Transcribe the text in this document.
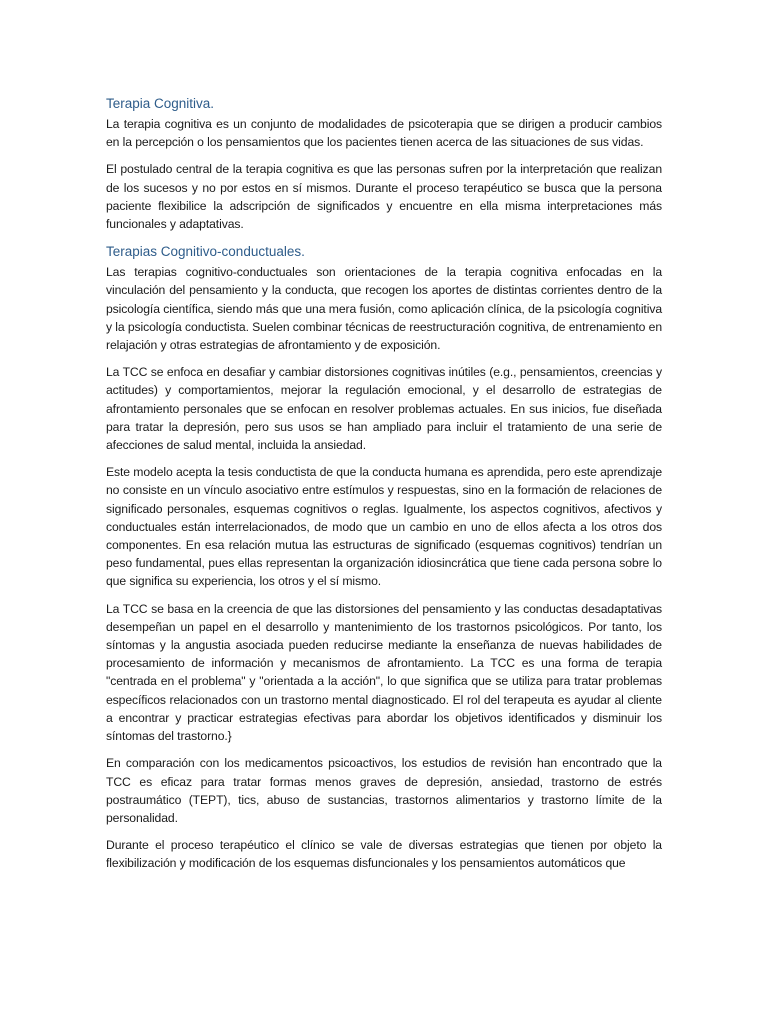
Terapia Cognitiva.

La terapia cognitiva es un conjunto de modalidades de psicoterapia que se dirigen a producir cambios en la percepción o los pensamientos que los pacientes tienen acerca de las situaciones de sus vidas.

El postulado central de la terapia cognitiva es que las personas sufren por la interpretación que realizan de los sucesos y no por estos en sí mismos. Durante el proceso terapéutico se busca que la persona paciente flexibilice la adscripción de significados y encuentre en ella misma interpretaciones más funcionales y adaptativas.

Terapias Cognitivo-conductuales.

Las terapias cognitivo-conductuales son orientaciones de la terapia cognitiva enfocadas en la vinculación del pensamiento y la conducta, que recogen los aportes de distintas corrientes dentro de la psicología científica, siendo más que una mera fusión, como aplicación clínica, de la psicología cognitiva y la psicología conductista. Suelen combinar técnicas de reestructuración cognitiva, de entrenamiento en relajación y otras estrategias de afrontamiento y de exposición.

La TCC se enfoca en desafiar y cambiar distorsiones cognitivas inútiles (e.g., pensamientos, creencias y actitudes) y comportamientos, mejorar la regulación emocional, y el desarrollo de estrategias de afrontamiento personales que se enfocan en resolver problemas actuales. En sus inicios, fue diseñada para tratar la depresión, pero sus usos se han ampliado para incluir el tratamiento de una serie de afecciones de salud mental, incluida la ansiedad.

Este modelo acepta la tesis conductista de que la conducta humana es aprendida, pero este aprendizaje no consiste en un vínculo asociativo entre estímulos y respuestas, sino en la formación de relaciones de significado personales, esquemas cognitivos o reglas. Igualmente, los aspectos cognitivos, afectivos y conductuales están interrelacionados, de modo que un cambio en uno de ellos afecta a los otros dos componentes. En esa relación mutua las estructuras de significado (esquemas cognitivos) tendrían un peso fundamental, pues ellas representan la organización idiosincrática que tiene cada persona sobre lo que significa su experiencia, los otros y el sí mismo.

La TCC se basa en la creencia de que las distorsiones del pensamiento y las conductas desadaptativas desempeñan un papel en el desarrollo y mantenimiento de los trastornos psicológicos. Por tanto, los síntomas y la angustia asociada pueden reducirse mediante la enseñanza de nuevas habilidades de procesamiento de información y mecanismos de afrontamiento. La TCC es una forma de terapia "centrada en el problema" y "orientada a la acción", lo que significa que se utiliza para tratar problemas específicos relacionados con un trastorno mental diagnosticado. El rol del terapeuta es ayudar al cliente a encontrar y practicar estrategias efectivas para abordar los objetivos identificados y disminuir los síntomas del trastorno.}

En comparación con los medicamentos psicoactivos, los estudios de revisión han encontrado que la TCC es eficaz para tratar formas menos graves de depresión, ansiedad, trastorno de estrés postraumático (TEPT), tics, abuso de sustancias, trastornos alimentarios y trastorno límite de la personalidad.

Durante el proceso terapéutico el clínico se vale de diversas estrategias que tienen por objeto la flexibilización y modificación de los esquemas disfuncionales y los pensamientos automáticos que
